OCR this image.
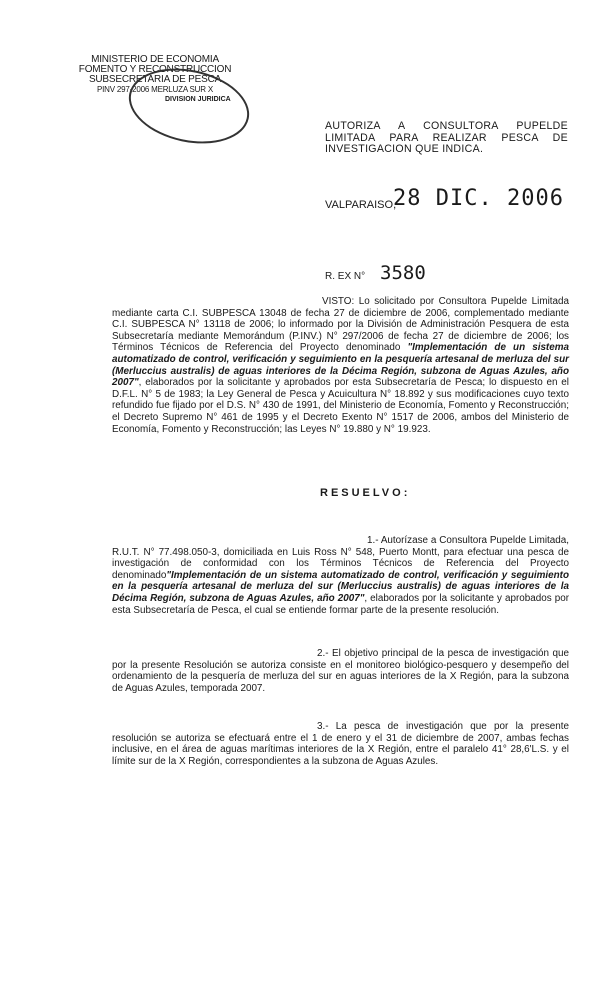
MINISTERIO DE ECONOMIA
FOMENTO Y RECONSTRUCCION
SUBSECRETARIA DE PESCA
PINV 297-2006 MERLUZA SUR X
DIVISION JURIDICA
AUTORIZA A CONSULTORA PUPELDE LIMITADA PARA REALIZAR PESCA DE INVESTIGACION QUE INDICA.
VALPARAISO,
28 DIC. 2006
R. EX N° 3580
VISTO: Lo solicitado por Consultora Pupelde Limitada mediante carta C.I. SUBPESCA 13048 de fecha 27 de diciembre de 2006, complementado mediante C.I. SUBPESCA N° 13118 de 2006; lo informado por la División de Administración Pesquera de esta Subsecretaría mediante Memorándum (P.INV.) N° 297/2006 de fecha 27 de diciembre de 2006; los Términos Técnicos de Referencia del Proyecto denominado "Implementación de un sistema automatizado de control, verificación y seguimiento en la pesquería artesanal de merluza del sur (Merluccius australis) de aguas interiores de la Décima Región, subzona de Aguas Azules, año 2007", elaborados por la solicitante y aprobados por esta Subsecretaría de Pesca; lo dispuesto en el D.F.L. N° 5 de 1983; la Ley General de Pesca y Acuicultura N° 18.892 y sus modificaciones cuyo texto refundido fue fijado por el D.S. N° 430 de 1991, del Ministerio de Economía, Fomento y Reconstrucción; el Decreto Supremo N° 461 de 1995 y el Decreto Exento N° 1517 de 2006, ambos del Ministerio de Economía, Fomento y Reconstrucción; las Leyes N° 19.880 y N° 19.923.
RESUELVO:
1.- Autorízase a Consultora Pupelde Limitada, R.U.T. N° 77.498.050-3, domiciliada en Luis Ross N° 548, Puerto Montt, para efectuar una pesca de investigación de conformidad con los Términos Técnicos de Referencia del Proyecto denominado"Implementación de un sistema automatizado de control, verificación y seguimiento en la pesquería artesanal de merluza del sur (Merluccius australis) de aguas interiores de la Décima Región, subzona de Aguas Azules, año 2007", elaborados por la solicitante y aprobados por esta Subsecretaría de Pesca, el cual se entiende formar parte de la presente resolución.
2.- El objetivo principal de la pesca de investigación que por la presente Resolución se autoriza consiste en el monitoreo biológico-pesquero y desempeño del ordenamiento de la pesquería de merluza del sur en aguas interiores de la X Región, para la subzona de Aguas Azules, temporada 2007.
3.- La pesca de investigación que por la presente resolución se autoriza se efectuará entre el 1 de enero y el 31 de diciembre de 2007, ambas fechas inclusive, en el área de aguas marítimas interiores de la X Región, entre el paralelo 41° 28,6'L.S. y el límite sur de la X Región, correspondientes a la subzona de Aguas Azules.
